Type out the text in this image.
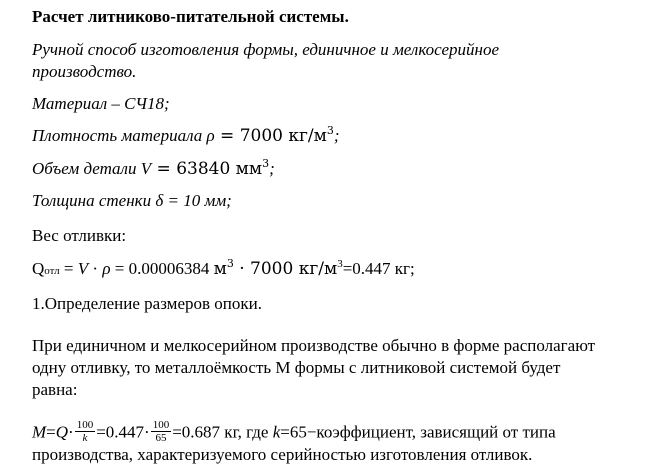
Расчет литниково-питательной системы.
Ручной способ изготовления формы, единичное и мелкосерийное
производство.
Материал – СЧ18;
Плотность материала ρ = 7000 $кг/м^3$;
Объем детали V = 63840 $мм^3$;
Толщина стенки δ = 10 мм;
Вес отливки:
Qотл = V · ρ = 0.00006384 $м^3 \cdot 7000$ $кг/м^3=0.447$ кг;
1.Определение размеров опоки.
При единичном и мелкосерийном производстве обычно в форме располагают
одну отливку, то металлоёмкость М формы с литниковой системой будет
равна:
$M=Q\cdot \frac{100}{k} =0.447\cdot \frac{100}{65} =0.687$ кг, где k=65−коэффициент, зависящий от типа
производства, характеризуемого серийностью изготовления отливок.
